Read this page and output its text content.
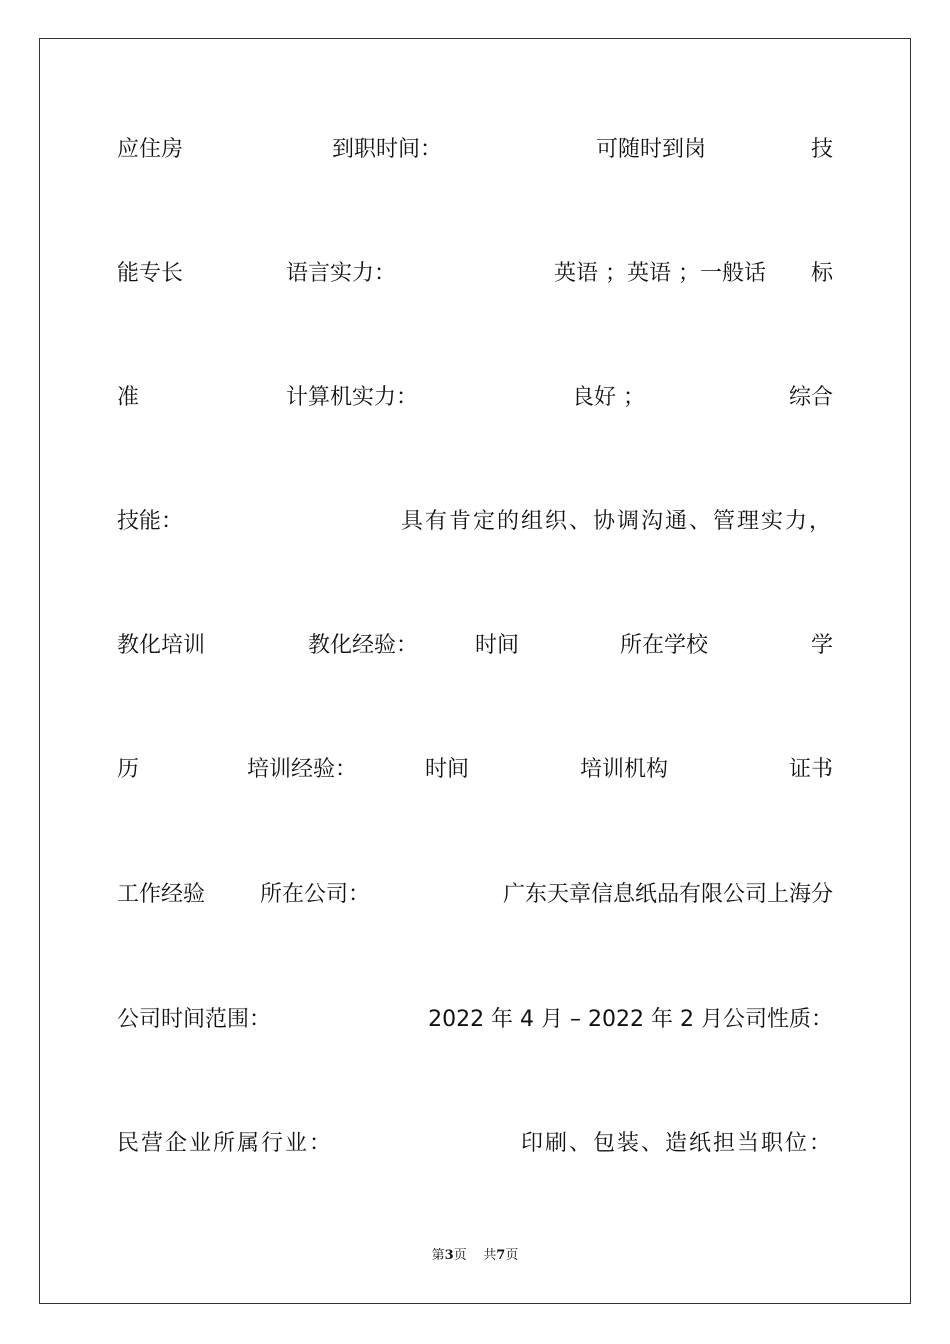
应住房	到职时间：	可随时到岗	技
能专长	语言实力：	英语 ；英语 ；一般话 标
准	计算机实力：	良好 ；	综合
技能：	具有肯定的组织、协调沟通、管理实力，
教化培训	教化经验：	时间	所在学校	学
历	培训经验：	时间	培训机构	证书
工作经验 所在公司：	广东天章信息纸品有限公司上海分
公司时间范围：	2022 年 4 月 – 2022 年 2 月公司性质：
民营企业所属行业：	印刷、包装、造纸担当职位：
第3页 共7页
